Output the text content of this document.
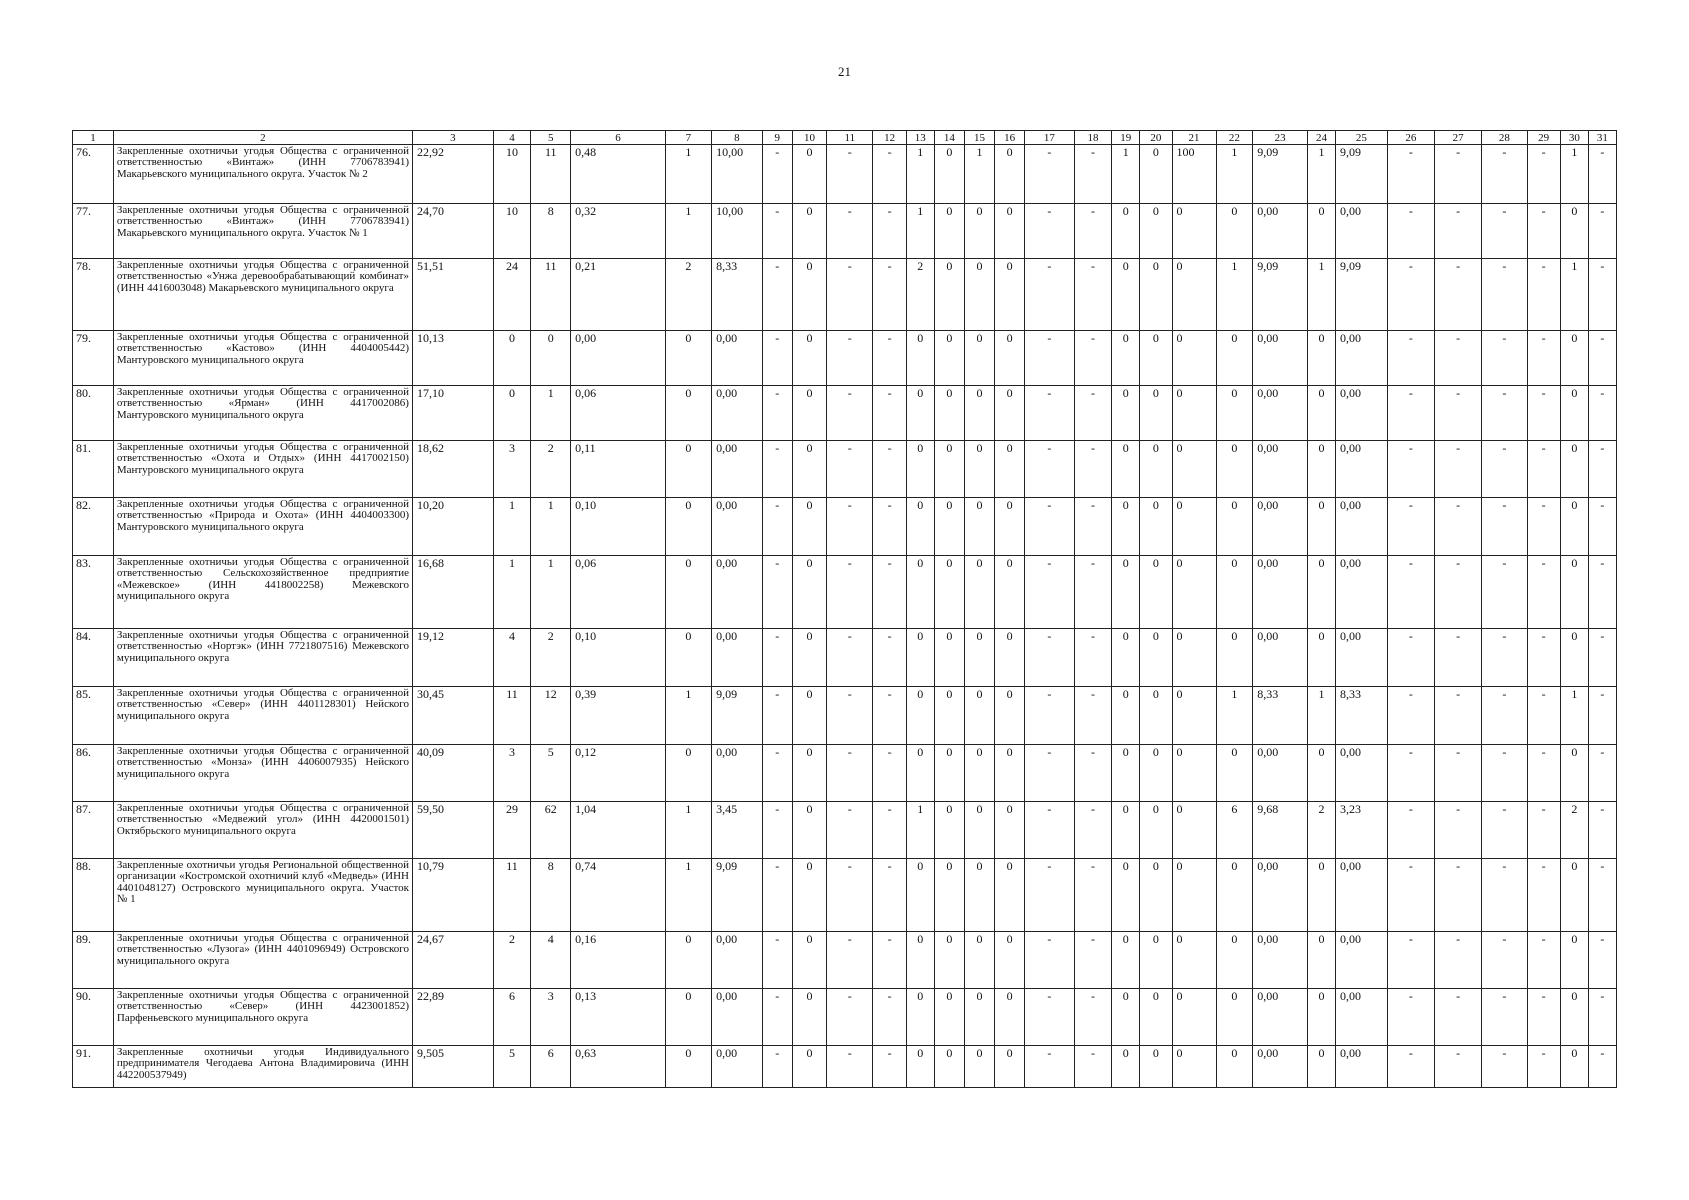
21
1	2	3	4	5	6	7	8	9	10	11	12	13	14	15	16	17	18	19	20	21	22	23	24	25	26	27	28	29	30	31
76.	Закрепленные охотничьи угодья Общества с ограниченной ответственностью «Винтаж» (ИНН 7706783941) Макарьевского муниципального округа. Участок № 2	22,92	10	11	0,48	1	10,00	-	0	-	-	1	0	1	0	-	-	1	0	100	1	9,09	1	9,09	-	-	-	-	1	-
77.	Закрепленные охотничьи угодья Общества с ограниченной ответственностью «Винтаж» (ИНН 7706783941) Макарьевского муниципального округа. Участок № 1	24,70	10	8	0,32	1	10,00	-	0	-	-	1	0	0	0	-	-	0	0	0	0	0,00	0	0,00	-	-	-	-	0	-
78.	Закрепленные охотничьи угодья Общества с ограниченной ответственностью «Унжа деревообрабатывающий комбинат» (ИНН 4416003048) Макарьевского муниципального округа	51,51	24	11	0,21	2	8,33	-	0	-	-	2	0	0	0	-	-	0	0	0	1	9,09	1	9,09	-	-	-	-	1	-
79.	Закрепленные охотничьи угодья Общества с ограниченной ответственностью «Кастово» (ИНН 4404005442) Мантуровского муниципального округа	10,13	0	0	0,00	0	0,00	-	0	-	-	0	0	0	0	-	-	0	0	0	0	0,00	0	0,00	-	-	-	-	0	-
80.	Закрепленные охотничьи угодья Общества с ограниченной ответственностью «Ярман» (ИНН 4417002086) Мантуровского муниципального округа	17,10	0	1	0,06	0	0,00	-	0	-	-	0	0	0	0	-	-	0	0	0	0	0,00	0	0,00	-	-	-	-	0	-
81.	Закрепленные охотничьи угодья Общества с ограниченной ответственностью «Охота и Отдых» (ИНН 4417002150) Мантуровского муниципального округа	18,62	3	2	0,11	0	0,00	-	0	-	-	0	0	0	0	-	-	0	0	0	0	0,00	0	0,00	-	-	-	-	0	-
82.	Закрепленные охотничьи угодья Общества с ограниченной ответственностью «Природа и Охота» (ИНН 4404003300) Мантуровского муниципального округа	10,20	1	1	0,10	0	0,00	-	0	-	-	0	0	0	0	-	-	0	0	0	0	0,00	0	0,00	-	-	-	-	0	-
83.	Закрепленные охотничьи угодья Общества с ограниченной ответственностью Сельскохозяйственное предприятие «Межевское» (ИНН 4418002258) Межевского муниципального округа	16,68	1	1	0,06	0	0,00	-	0	-	-	0	0	0	0	-	-	0	0	0	0	0,00	0	0,00	-	-	-	-	0	-
84.	Закрепленные охотничьи угодья Общества с ограниченной ответственностью «Нортэк» (ИНН 7721807516) Межевского муниципального округа	19,12	4	2	0,10	0	0,00	-	0	-	-	0	0	0	0	-	-	0	0	0	0	0,00	0	0,00	-	-	-	-	0	-
85.	Закрепленные охотничьи угодья Общества с ограниченной ответственностью «Север» (ИНН 4401128301) Нейского муниципального округа	30,45	11	12	0,39	1	9,09	-	0	-	-	0	0	0	0	-	-	0	0	0	1	8,33	1	8,33	-	-	-	-	1	-
86.	Закрепленные охотничьи угодья Общества с ограниченной ответственностью «Монза» (ИНН 4406007935) Нейского муниципального округа	40,09	3	5	0,12	0	0,00	-	0	-	-	0	0	0	0	-	-	0	0	0	0	0,00	0	0,00	-	-	-	-	0	-
87.	Закрепленные охотничьи угодья Общества с ограниченной ответственностью «Медвежий угол» (ИНН 4420001501) Октябрьского муниципального округа	59,50	29	62	1,04	1	3,45	-	0	-	-	1	0	0	0	-	-	0	0	0	6	9,68	2	3,23	-	-	-	-	2	-
88.	Закрепленные охотничьи угодья Региональной общественной организации «Костромской охотничий клуб «Медведь» (ИНН 4401048127) Островского муниципального округа. Участок № 1	10,79	11	8	0,74	1	9,09	-	0	-	-	0	0	0	0	-	-	0	0	0	0	0,00	0	0,00	-	-	-	-	0	-
89.	Закрепленные охотничьи угодья Общества с ограниченной ответственностью «Лузога» (ИНН 4401096949) Островского муниципального округа	24,67	2	4	0,16	0	0,00	-	0	-	-	0	0	0	0	-	-	0	0	0	0	0,00	0	0,00	-	-	-	-	0	-
90.	Закрепленные охотничьи угодья Общества с ограниченной ответственностью «Север» (ИНН 4423001852) Парфеньевского муниципального округа	22,89	6	3	0,13	0	0,00	-	0	-	-	0	0	0	0	-	-	0	0	0	0	0,00	0	0,00	-	-	-	-	0	-
91.	Закрепленные охотничьи угодья Индивидуального предпринимателя Чегодаева Антона Владимировича (ИНН 442200537949)	9,505	5	6	0,63	0	0,00	-	0	-	-	0	0	0	0	-	-	0	0	0	0	0,00	0	0,00	-	-	-	-	0	-
